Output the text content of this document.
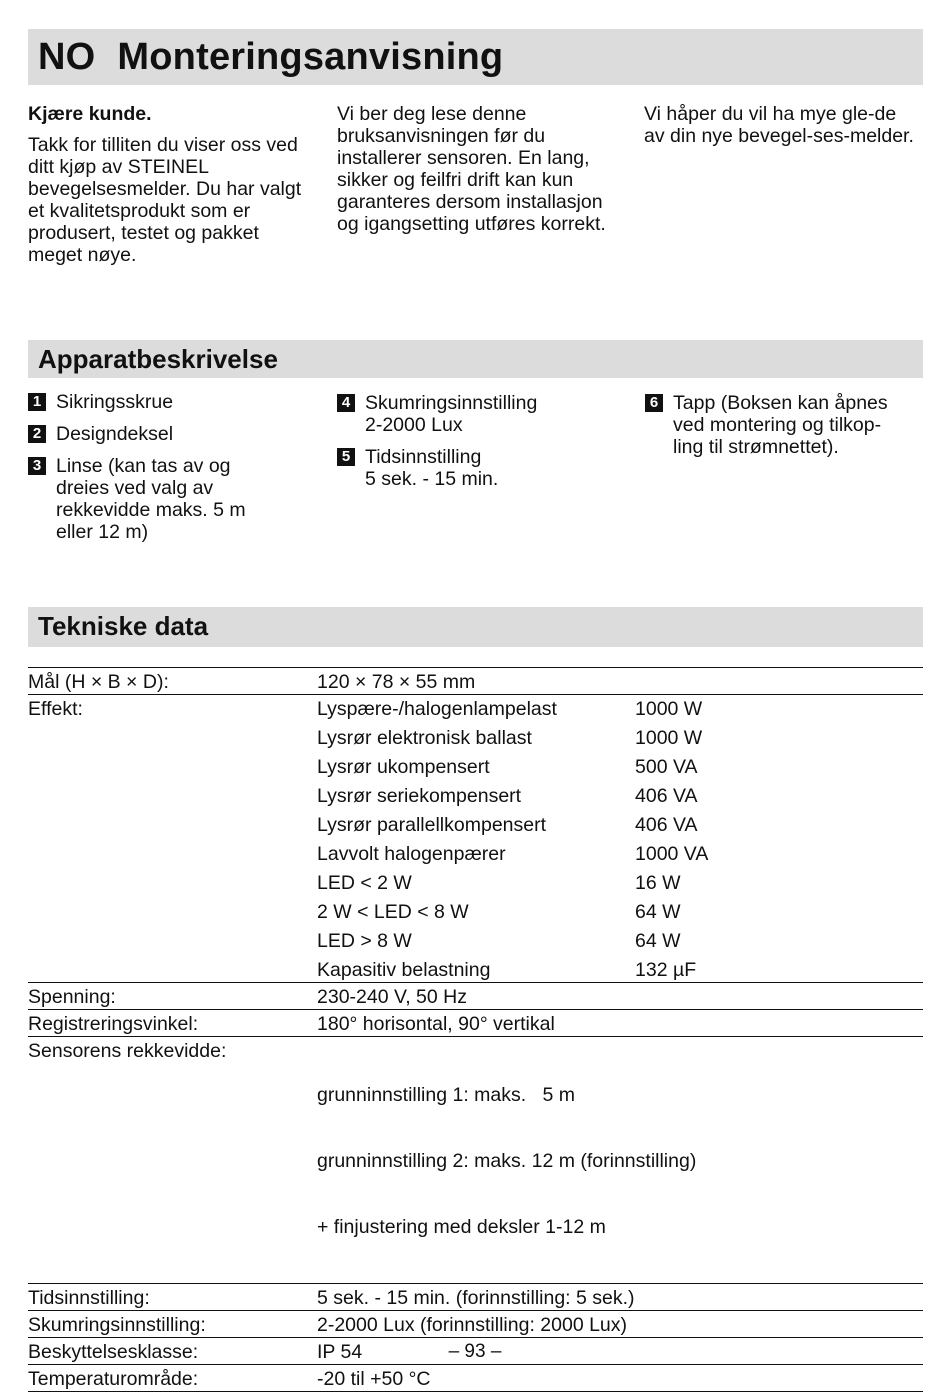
NO Monteringsanvisning

Kjære kunde.

Takk for tilliten du viser oss ved ditt kjøp av STEINEL bevegelsesmelder. Du har valgt et kvalitetsprodukt som er produsert, testet og pakket meget nøye.

Vi ber deg lese denne bruksanvisningen før du installerer sensoren. En lang, sikker og feilfri drift kan kun garanteres dersom installasjon og igangsetting utføres korrekt.

Vi håper du vil ha mye gle-de av din nye bevegel-ses-melder.

Apparatbeskrivelse
1 Sikringsskrue
2 Designdeksel
3 Linse (kan tas av og
dreies ved valg av
rekkevidde maks. 5 m
eller 12 m)
4 Skumringsinnstilling
2-2000 Lux
5 Tidsinnstilling
5 sek. - 15 min.
6 Tapp (Boksen kan åpnes
ved montering og tilkop-
ling til strømnettet).
Tekniske data
Mål (H × B × D):	120 × 78 × 55 mm	
Effekt:	Lyspære-/halogenlampelast	1000 W
	Lysrør elektronisk ballast	1000 W
	Lysrør ukompensert	500 VA
	Lysrør seriekompensert	406 VA
	Lysrør parallellkompensert	406 VA
	Lavvolt halogenpærer	1000 VA
	LED < 2 W	16 W
	2 W < LED < 8 W	64 W
	LED > 8 W	64 W
	Kapasitiv belastning	132 µF
Spenning:	230-240 V, 50 Hz	
Registreringsvinkel:	180° horisontal, 90° vertikal	
Sensorens rekkevidde:	grunninnstilling 1: maks.   5 m

grunninnstilling 2: maks. 12 m (forinnstilling)

+ finjustering med deksler 1-12 m	

Tidsinnstilling:	5 sek. - 15 min. (forinnstilling: 5 sek.)	
Skumringsinnstilling:	2-2000 Lux (forinnstilling: 2000 Lux)	
Beskyttelsesklasse:	IP 54	
Temperaturområde:	-20 til +50 °C	
– 93 –
